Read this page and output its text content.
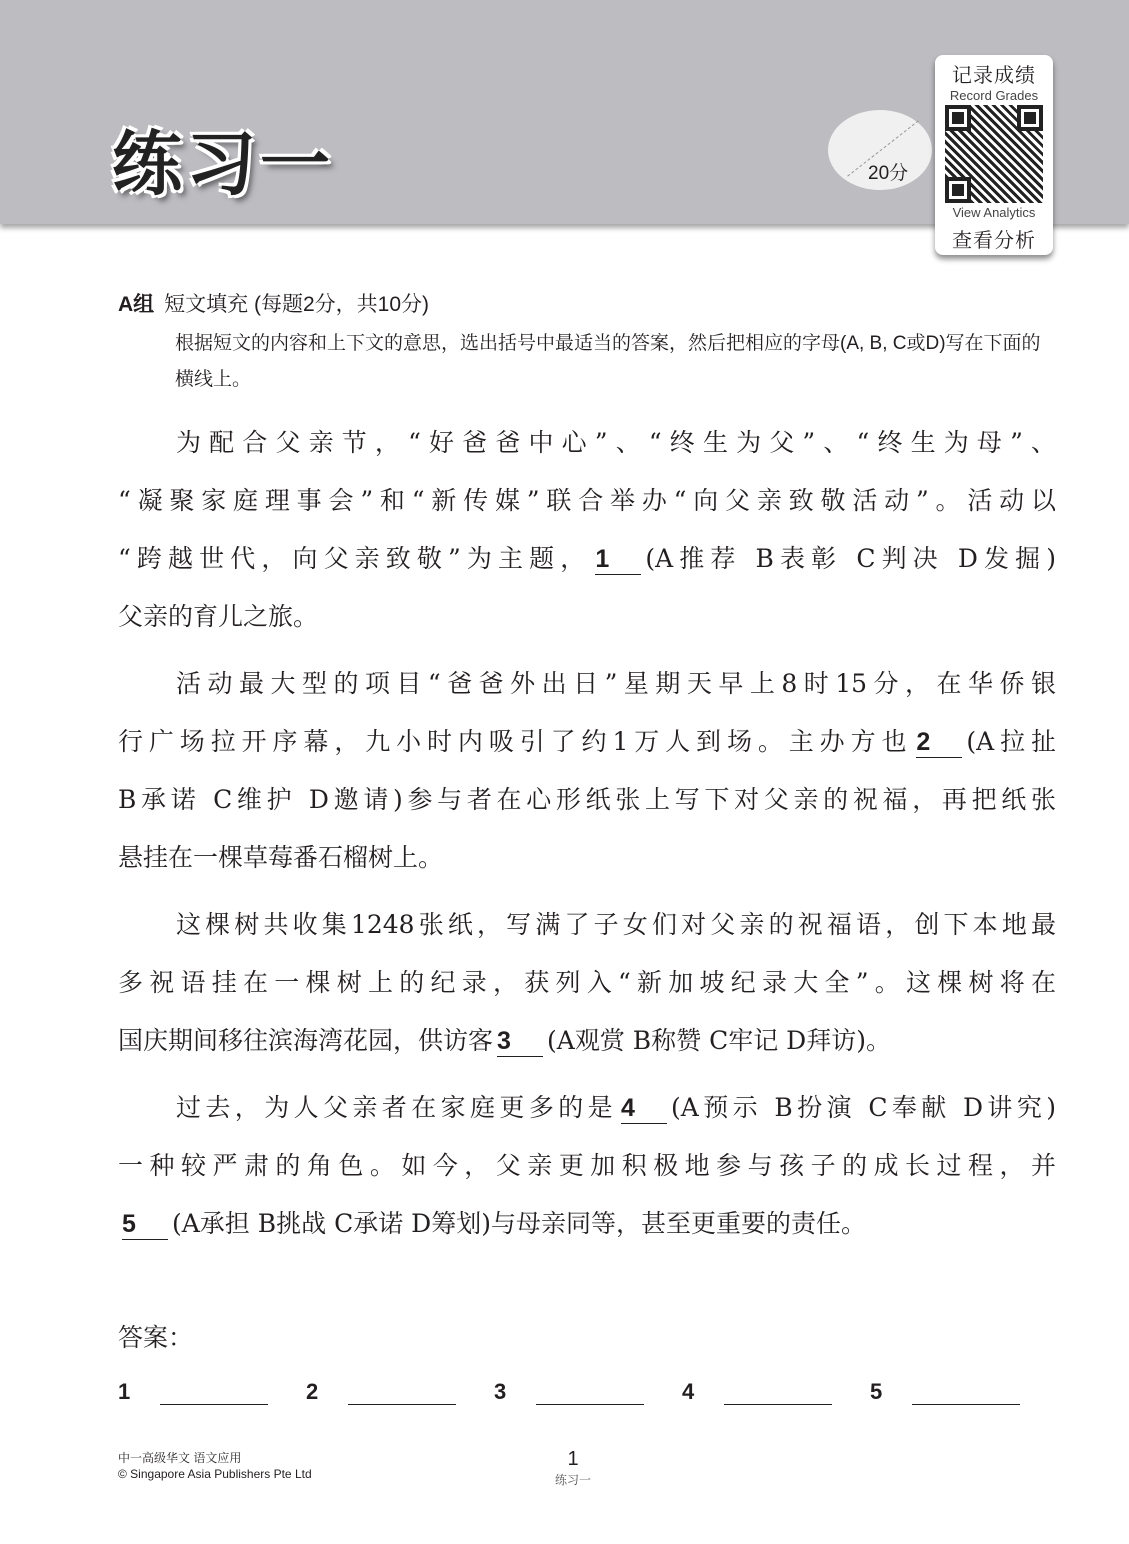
练习一	20分
记录成绩
Record Grades
View Analytics
查看分析
A组 短文填充 (每题2分，共10分)
根据短文的内容和上下文的意思，选出括号中最适当的答案，然后把相应的字母(A, B, C或D)写在下面的横线上。
为配合父亲节，“好爸爸中心”、“终生为父”、“终生为母”、
“凝聚家庭理事会”和“新传媒”联合举办“向父亲致敬活动”。活动以
“跨越世代，向父亲致敬”为主题， 1 (A推荐 B表彰 C判决 D发掘)
父亲的育儿之旅。
活动最大型的项目“爸爸外出日”星期天早上8时15分，在华侨银
行广场拉开序幕，九小时内吸引了约1万人到场。主办方也 2 (A拉扯
B承诺 C维护 D邀请)参与者在心形纸张上写下对父亲的祝福，再把纸张
悬挂在一棵草莓番石榴树上。
这棵树共收集1248张纸，写满了子女们对父亲的祝福语，创下本地最
多祝语挂在一棵树上的纪录，获列入“新加坡纪录大全”。这棵树将在
国庆期间移往滨海湾花园，供访客 3 (A观赏 B称赞 C牢记 D拜访)。
过去，为人父亲者在家庭更多的是 4 (A预示 B扮演 C奉献 D讲究)
一种较严肃的角色。如今，父亲更加积极地参与孩子的成长过程，并
5 (A承担 B挑战 C承诺 D筹划)与母亲同等，甚至更重要的责任。
答案：
1	2	3	4	5
中一高级华文 语文应用
© Singapore Asia Publishers Pte Ltd
1
练习一
